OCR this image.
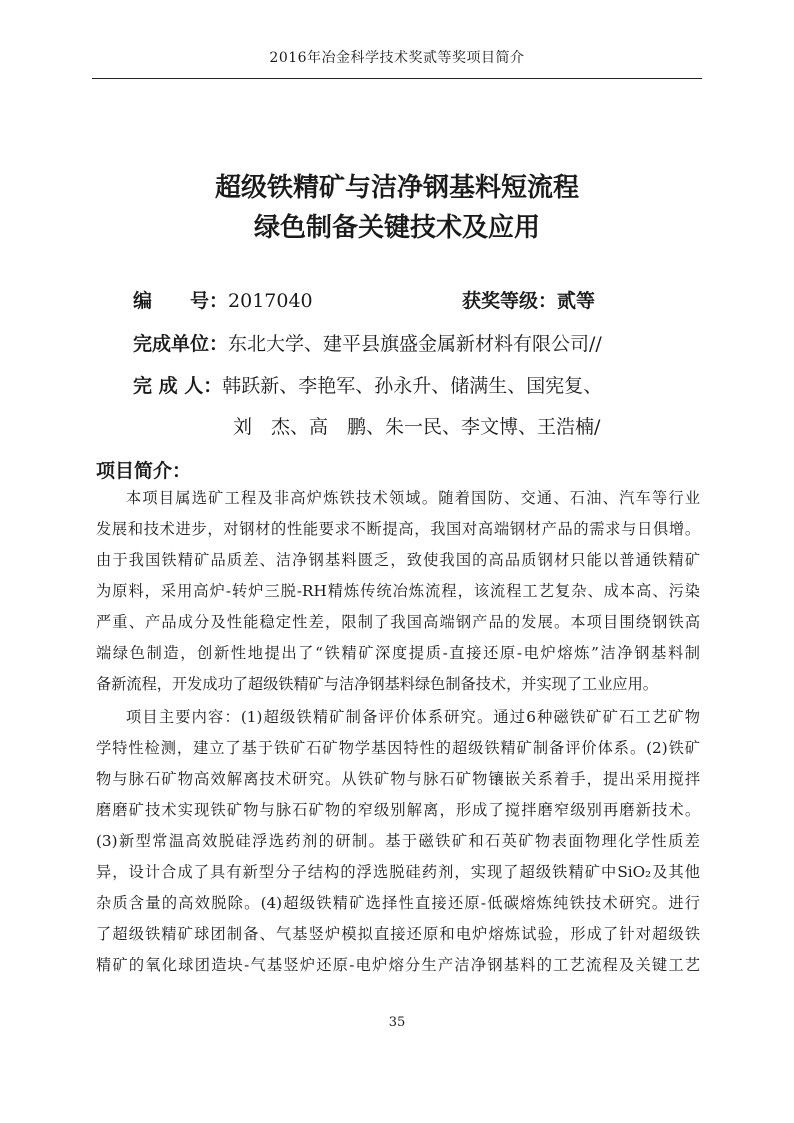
2016年冶金科学技术奖贰等奖项目简介
超级铁精矿与洁净钢基料短流程
绿色制备关键技术及应用
编　　号：2017040	获奖等级：贰等
完成单位：东北大学、建平县旗盛金属新材料有限公司//
完 成 人：韩跃新、李艳军、孙永升、储满生、国宪复、
刘　杰、高　鹏、朱一民、李文博、王浩楠/
项目简介：
本项目属选矿工程及非高炉炼铁技术领域。随着国防、交通、石油、汽车等行业
发展和技术进步，对钢材的性能要求不断提高，我国对高端钢材产品的需求与日俱增。
由于我国铁精矿品质差、洁净钢基料匮乏，致使我国的高品质钢材只能以普通铁精矿
为原料，采用高炉-转炉三脱-RH精炼传统冶炼流程，该流程工艺复杂、成本高、污染
严重、产品成分及性能稳定性差，限制了我国高端钢产品的发展。本项目围绕钢铁高
端绿色制造，创新性地提出了“铁精矿深度提质-直接还原-电炉熔炼”洁净钢基料制
备新流程，开发成功了超级铁精矿与洁净钢基料绿色制备技术，并实现了工业应用。
项目主要内容：(1)超级铁精矿制备评价体系研究。通过6种磁铁矿矿石工艺矿物
学特性检测，建立了基于铁矿石矿物学基因特性的超级铁精矿制备评价体系。(2)铁矿
物与脉石矿物高效解离技术研究。从铁矿物与脉石矿物镶嵌关系着手，提出采用搅拌
磨磨矿技术实现铁矿物与脉石矿物的窄级别解离，形成了搅拌磨窄级别再磨新技术。
(3)新型常温高效脱硅浮选药剂的研制。基于磁铁矿和石英矿物表面物理化学性质差
异，设计合成了具有新型分子结构的浮选脱硅药剂，实现了超级铁精矿中SiO₂及其他
杂质含量的高效脱除。(4)超级铁精矿选择性直接还原-低碳熔炼纯铁技术研究。进行
了超级铁精矿球团制备、气基竖炉模拟直接还原和电炉熔炼试验，形成了针对超级铁
精矿的氧化球团造块-气基竖炉还原-电炉熔分生产洁净钢基料的工艺流程及关键工艺
35
